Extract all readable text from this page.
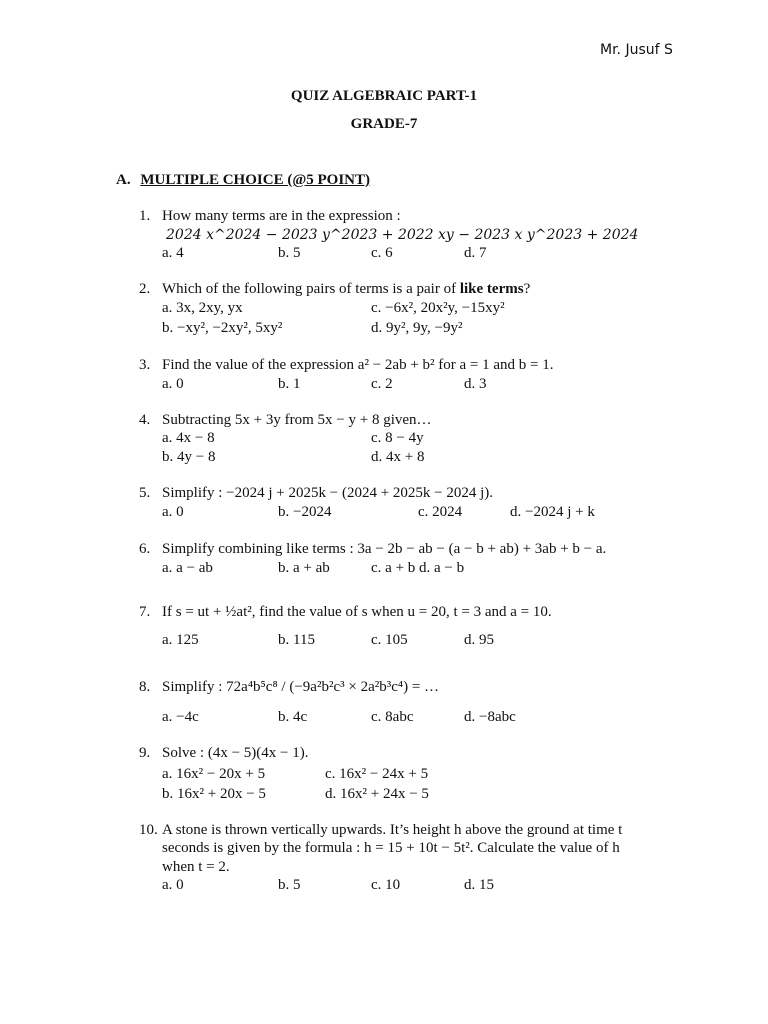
Mr. Jusuf S
QUIZ ALGEBRAIC PART-1
GRADE-7
A. MULTIPLE CHOICE (@5 POINT)
1. How many terms are in the expression :
2024 x^2024 − 2023 y^2023 + 2022 xy − 2023 x y^2023 + 2024
a. 4	b. 5	c. 6	d. 7
2. Which of the following pairs of terms is a pair of like terms?
a. 3x, 2xy, yx	c. −6x², 20x²y, −15xy²
b. −xy², −2xy², 5xy²	d. 9y², 9y, −9y²
3. Find the value of the expression a² − 2ab + b² for a = 1 and b = 1.
a. 0	b. 1	c. 2	d. 3
4. Subtracting 5x + 3y from 5x − y + 8 given…
a. 4x − 8	c. 8 − 4y
b. 4y − 8	d. 4x + 8
5. Simplify : −2024 j + 2025k − (2024 + 2025k − 2024 j).
a. 0	b. −2024	c. 2024	d. −2024 j + k
6. Simplify combining like terms : 3a − 2b − ab − (a − b + ab) + 3ab + b − a.
a. a − ab	b. a + ab	c. a + b d. a − b
7. If s = ut + ½at², find the value of s when u = 20, t = 3 and a = 10.
a. 125	b. 115	c. 105	d. 95
8. Simplify : 72a⁴b⁵c⁸ / (−9a²b²c³ × 2a²b³c⁴) = …
a. −4c	b. 4c	c. 8abc	d. −8abc
9. Solve : (4x − 5)(4x − 1).
a. 16x² − 20x + 5	c. 16x² − 24x + 5
b. 16x² + 20x − 5	d. 16x² + 24x − 5
10. A stone is thrown vertically upwards. It’s height h above the ground at time t
seconds is given by the formula : h = 15 + 10t − 5t². Calculate the value of h
when t = 2.
a. 0	b. 5	c. 10	d. 15
